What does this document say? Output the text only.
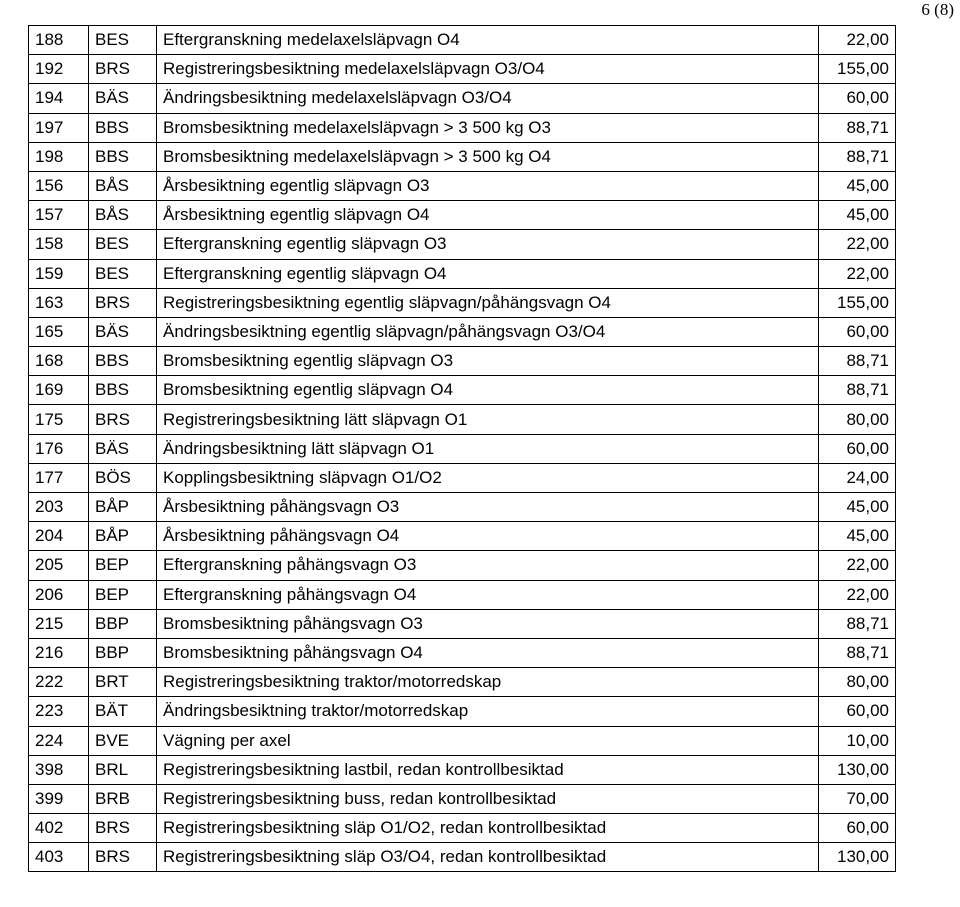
6 (8)
188	BES	Eftergranskning medelaxelsläpvagn O4	22,00
192	BRS	Registreringsbesiktning medelaxelsläpvagn O3/O4	155,00
194	BÄS	Ändringsbesiktning medelaxelsläpvagn O3/O4	60,00
197	BBS	Bromsbesiktning medelaxelsläpvagn > 3 500 kg O3	88,71
198	BBS	Bromsbesiktning medelaxelsläpvagn > 3 500 kg O4	88,71
156	BÅS	Årsbesiktning egentlig släpvagn O3	45,00
157	BÅS	Årsbesiktning egentlig släpvagn O4	45,00
158	BES	Eftergranskning egentlig släpvagn O3	22,00
159	BES	Eftergranskning egentlig släpvagn O4	22,00
163	BRS	Registreringsbesiktning egentlig släpvagn/påhängsvagn O4	155,00
165	BÄS	Ändringsbesiktning egentlig släpvagn/påhängsvagn O3/O4	60,00
168	BBS	Bromsbesiktning egentlig släpvagn O3	88,71
169	BBS	Bromsbesiktning egentlig släpvagn O4	88,71
175	BRS	Registreringsbesiktning lätt släpvagn O1	80,00
176	BÄS	Ändringsbesiktning lätt släpvagn O1	60,00
177	BÖS	Kopplingsbesiktning släpvagn O1/O2	24,00
203	BÅP	Årsbesiktning påhängsvagn O3	45,00
204	BÅP	Årsbesiktning påhängsvagn O4	45,00
205	BEP	Eftergranskning påhängsvagn O3	22,00
206	BEP	Eftergranskning påhängsvagn O4	22,00
215	BBP	Bromsbesiktning påhängsvagn O3	88,71
216	BBP	Bromsbesiktning påhängsvagn O4	88,71
222	BRT	Registreringsbesiktning traktor/motorredskap	80,00
223	BÄT	Ändringsbesiktning traktor/motorredskap	60,00
224	BVE	Vägning per axel	10,00
398	BRL	Registreringsbesiktning lastbil, redan kontrollbesiktad	130,00
399	BRB	Registreringsbesiktning buss, redan kontrollbesiktad	70,00
402	BRS	Registreringsbesiktning släp O1/O2, redan kontrollbesiktad	60,00
403	BRS	Registreringsbesiktning släp O3/O4, redan kontrollbesiktad	130,00
